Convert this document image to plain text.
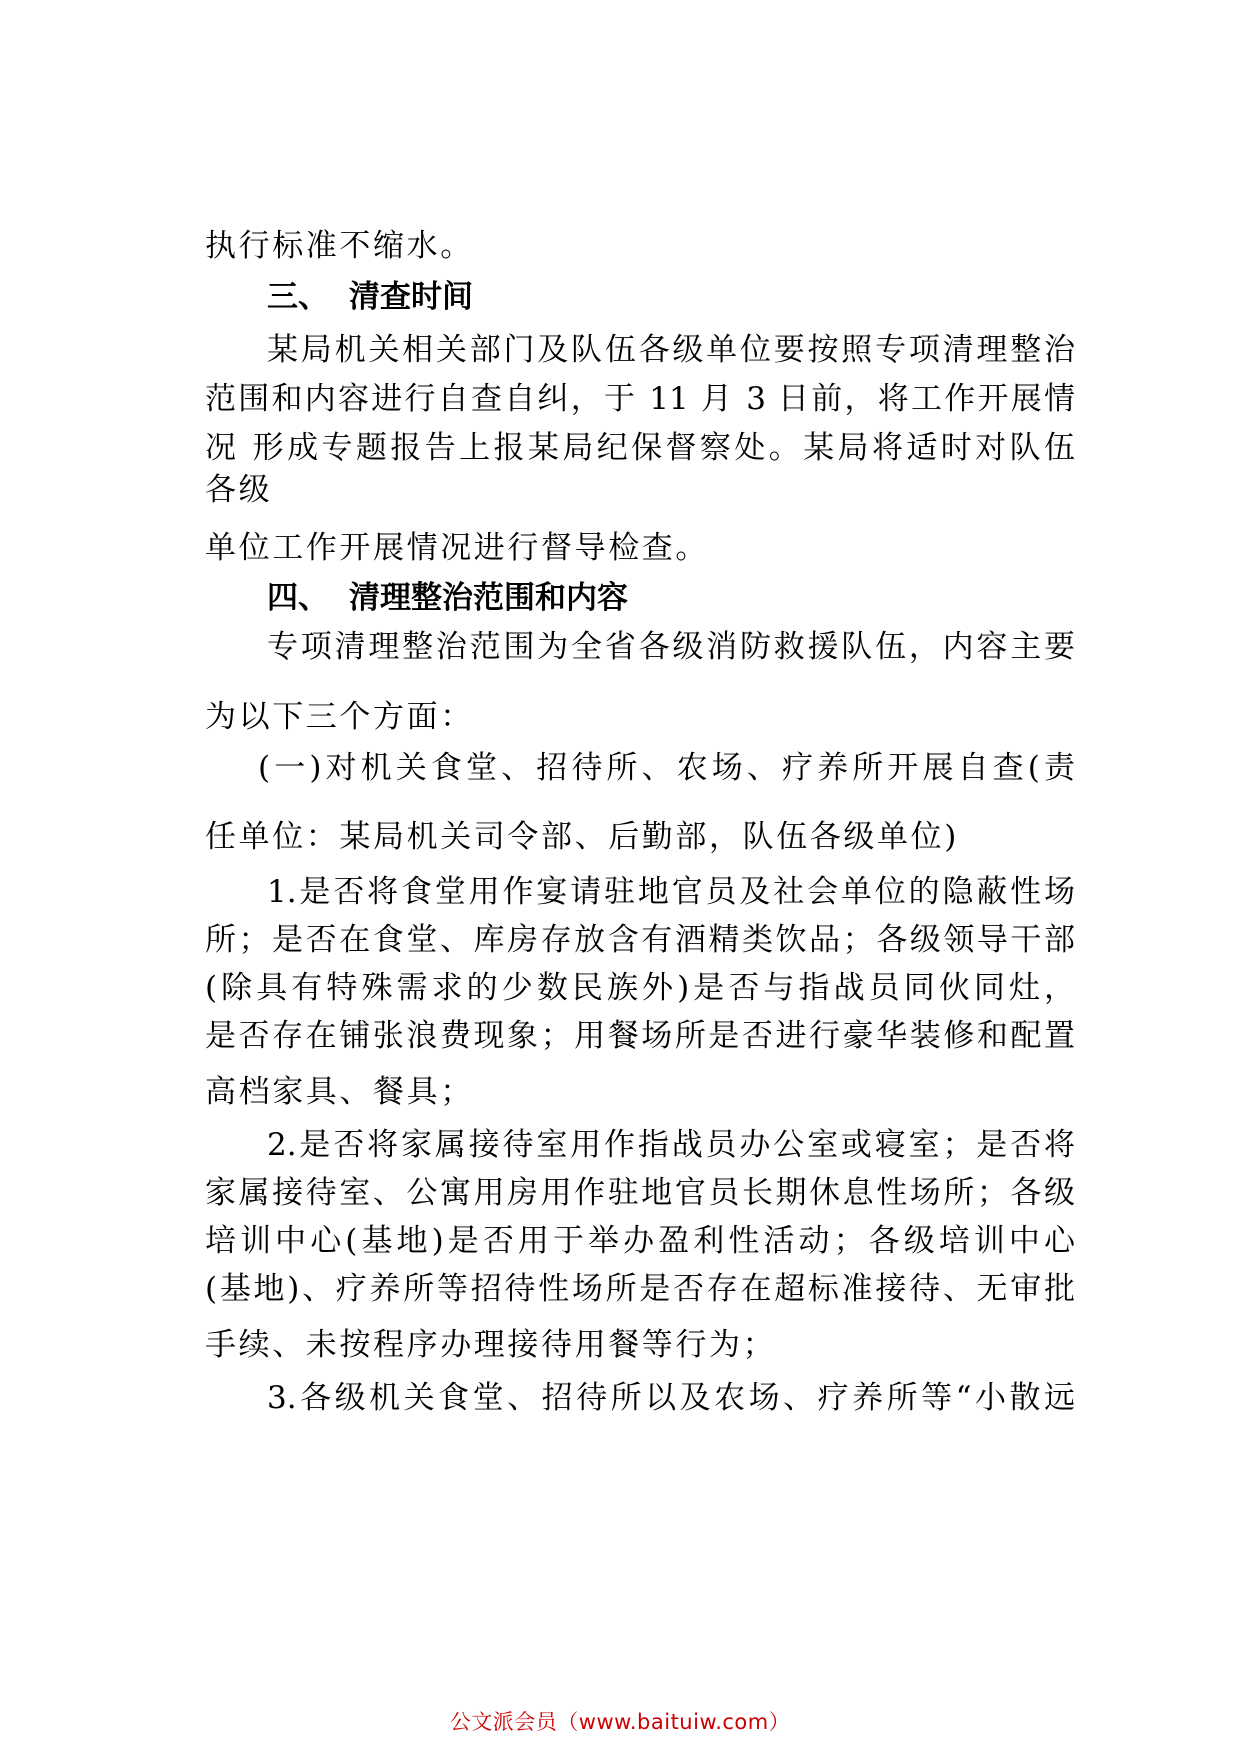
执行标准不缩水。
三、 清查时间
某局机关相关部门及队伍各级单位要按照专项清理整治
范围和内容进行自查自纠，于 11 月 3 日前，将工作开展情
况 形成专题报告上报某局纪保督察处。某局将适时对队伍
各级
单位工作开展情况进行督导检查。
四、 清理整治范围和内容
专项清理整治范围为全省各级消防救援队伍，内容主要
为以下三个方面：
(一)对机关食堂、招待所、农场、疗养所开展自查(责
任单位：某局机关司令部、后勤部，队伍各级单位)
1.是否将食堂用作宴请驻地官员及社会单位的隐蔽性场
所；是否在食堂、库房存放含有酒精类饮品；各级领导干部
(除具有特殊需求的少数民族外)是否与指战员同伙同灶，
是否存在铺张浪费现象；用餐场所是否进行豪华装修和配置
高档家具、餐具；
2.是否将家属接待室用作指战员办公室或寝室；是否将
家属接待室、公寓用房用作驻地官员长期休息性场所；各级
培训中心(基地)是否用于举办盈利性活动；各级培训中心
(基地)、疗养所等招待性场所是否存在超标准接待、无审批
手续、未按程序办理接待用餐等行为；
3.各级机关食堂、招待所以及农场、疗养所等“小散远
公文派会员（www.baituiw.com）
